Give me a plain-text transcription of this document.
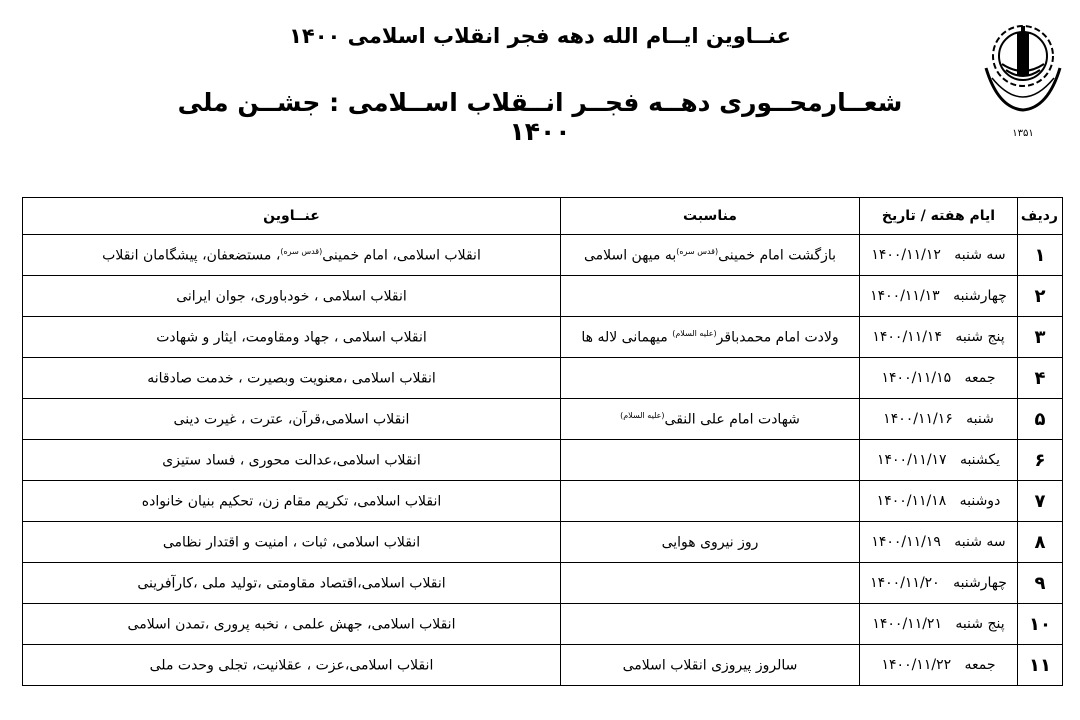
عنــاوین ایــام الله دهه فجر انقلاب اسلامی ۱۴۰۰
شعــارمحــوری دهــه فجــر انــقلاب اســلامی : جشــن ملی ۱۴۰۰	۱۳۵۱
ردیف	ایام هفته / تاریخ	مناسبت	عنــاوین
۱	سه شنبه   ۱۴۰۰/۱۱/۱۲	بازگشت امام خمینی$^{(قدس سره)}$به میهن اسلامی	انقلاب اسلامی، امام خمینی$^{(قدس سره)}$، مستضعفان، پیشگامان انقلاب
۲	چهارشنبه   ۱۴۰۰/۱۱/۱۳		انقلاب اسلامی ، خودباوری، جوان ایرانی
۳	پنج شنبه   ۱۴۰۰/۱۱/۱۴	ولادت امام محمدباقر$^{(علیه السلام)}$ میهمانی لاله ها	انقلاب اسلامی ، جهاد ومقاومت، ایثار و شهادت
۴	جمعه   ۱۴۰۰/۱۱/۱۵		انقلاب اسلامی ،معنویت وبصیرت ، خدمت صادقانه
۵	شنبه   ۱۴۰۰/۱۱/۱۶	شهادت امام علی النقی$^{(علیه السلام)}$	انقلاب اسلامی،قرآن، عترت ، غیرت دینی
۶	یکشنبه   ۱۴۰۰/۱۱/۱۷		انقلاب اسلامی،عدالت محوری ، فساد ستیزی
۷	دوشنبه   ۱۴۰۰/۱۱/۱۸		انقلاب اسلامی، تکریم مقام زن، تحکیم بنیان خانواده
۸	سه شنبه   ۱۴۰۰/۱۱/۱۹	روز نیروی هوایی	انقلاب اسلامی، ثبات ، امنیت و اقتدار نظامی
۹	چهارشنبه   ۱۴۰۰/۱۱/۲۰		انقلاب اسلامی،اقتصاد مقاومتی ،تولید ملی ،کارآفرینی
۱۰	پنج شنبه   ۱۴۰۰/۱۱/۲۱		انقلاب اسلامی، جهش علمی ، نخبه پروری ،تمدن اسلامی
۱۱	جمعه   ۱۴۰۰/۱۱/۲۲	سالروز پیروزی انقلاب اسلامی	انقلاب اسلامی،عزت ، عقلانیت، تجلی وحدت ملی
